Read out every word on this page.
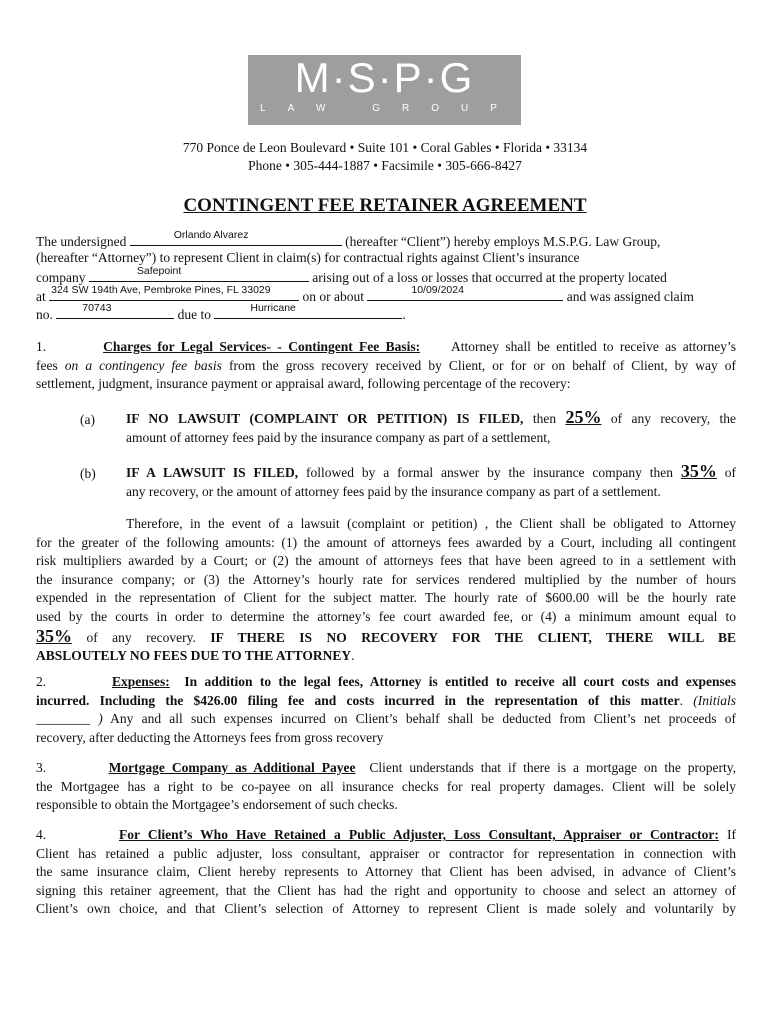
M·S·P·G
LAW GROUP
770 Ponce de Leon Boulevard • Suite 101 • Coral Gables • Florida • 33134
Phone • 305-444-1887 • Facsimile • 305-666-8427
CONTINGENT FEE RETAINER AGREEMENT
The undersigned	Orlando Alvarez	(hereafter “Client”) hereby employs M.S.P.G. Law Group,
(hereafter “Attorney”) to represent Client in claim(s) for contractual rights against Client’s insurance
company	Safepoint	arising out of a loss or losses that occurred at the property located
at 324 SW 194th Ave, Pembroke Pines, FL 33029 on or about	10/09/2024	and was assigned claim
no.	70743	due to	Hurricane	.
1.	Charges for Legal Services- - Contingent Fee Basis: Attorney shall be entitled to receive as attorney’s
fees on a contingency fee basis from the gross recovery received by Client, or for or on behalf of Client, by way of
settlement, judgment, insurance payment or appraisal award, following percentage of the recovery:
(a)	IF NO LAWSUIT (COMPLAINT OR PETITION) IS FILED, then 25% of any recovery, the
amount of attorney fees paid by the insurance company as part of a settlement,
(b)	IF A LAWSUIT IS FILED, followed by a formal answer by the insurance company then 35% of
any recovery, or the amount of attorney fees paid by the insurance company as part of a settlement.
Therefore, in the event of a lawsuit (complaint or petition) , the Client shall be obligated to Attorney
for the greater of the following amounts: (1) the amount of attorneys fees awarded by a Court, including all contingent
risk multipliers awarded by a Court; or (2) the amount of attorneys fees that have been agreed to in a settlement with
the insurance company; or (3) the Attorney’s hourly rate for services rendered multiplied by the number of hours
expended in the representation of Client for the subject matter. The hourly rate of $600.00 will be the hourly rate
used by the courts in order to determine the attorney’s fee court awarded fee, or (4) a minimum amount equal to
35% of any recovery. IF THERE IS NO RECOVERY FOR THE CLIENT, THERE WILL BE
ABSLOUTELY NO FEES DUE TO THE ATTORNEY.
2.	Expenses: In addition to the legal fees, Attorney is entitled to receive all court costs and expenses
incurred. Including the $426.00 filing fee and costs incurred in the representation of this matter. (Initials
________ ) Any and all such expenses incurred on Client’s behalf shall be deducted from Client’s net proceeds of
recovery, after deducting the Attorneys fees from gross recovery
3.	Mortgage Company as Additional Payee Client understands that if there is a mortgage on the property,
the Mortgagee has a right to be co-payee on all insurance checks for real property damages. Client will be solely
responsible to obtain the Mortgagee’s endorsement of such checks.
4.	For Client’s Who Have Retained a Public Adjuster, Loss Consultant, Appraiser or Contractor: If
Client has retained a public adjuster, loss consultant, appraiser or contractor for representation in connection with
the same insurance claim, Client hereby represents to Attorney that Client has been advised, in advance of Client’s
signing this retainer agreement, that the Client has had the right and opportunity to choose and select an attorney of
Client’s own choice, and that Client’s selection of Attorney to represent Client is made solely and voluntarily by
